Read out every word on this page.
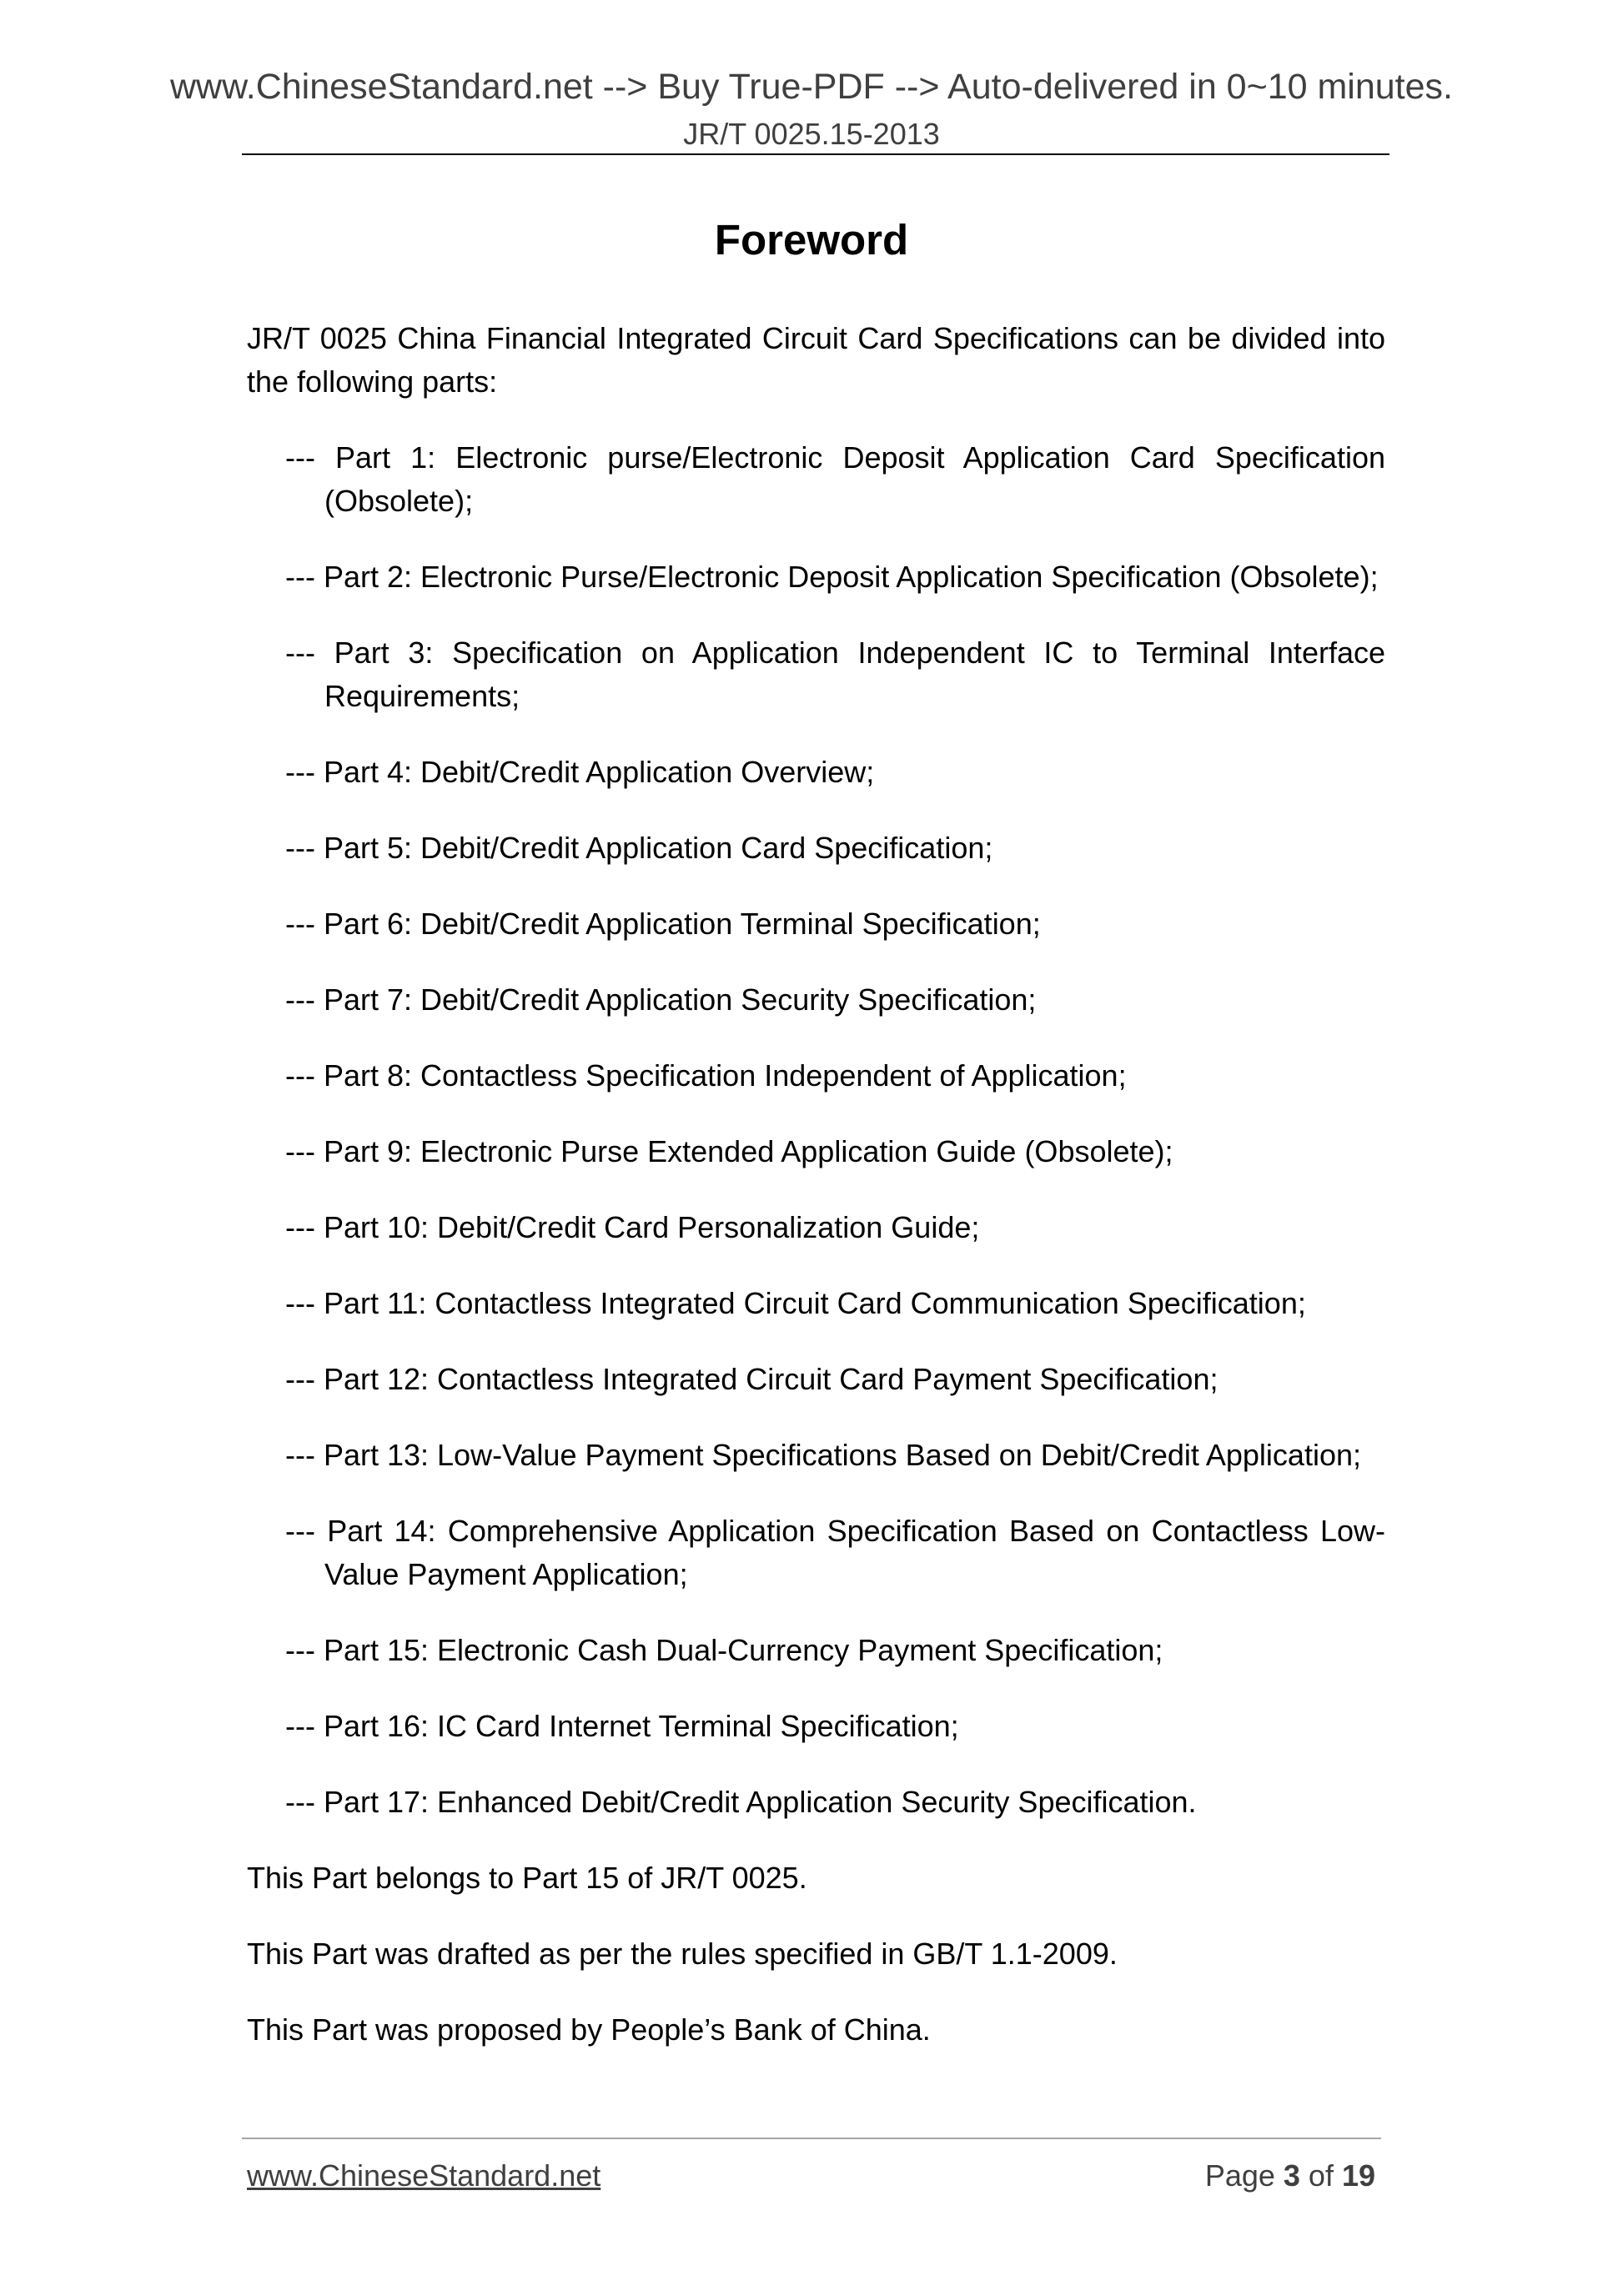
www.ChineseStandard.net --> Buy True-PDF --> Auto-delivered in 0~10 minutes.
JR/T 0025.15-2013
Foreword
JR/T 0025 China Financial Integrated Circuit Card Specifications can be divided into the following parts:
--- Part 1: Electronic purse/Electronic Deposit Application Card Specification (Obsolete);
--- Part 2: Electronic Purse/Electronic Deposit Application Specification (Obsolete);
--- Part 3: Specification on Application Independent IC to Terminal Interface Requirements;
--- Part 4: Debit/Credit Application Overview;
--- Part 5: Debit/Credit Application Card Specification;
--- Part 6: Debit/Credit Application Terminal Specification;
--- Part 7: Debit/Credit Application Security Specification;
--- Part 8: Contactless Specification Independent of Application;
--- Part 9: Electronic Purse Extended Application Guide (Obsolete);
--- Part 10: Debit/Credit Card Personalization Guide;
--- Part 11: Contactless Integrated Circuit Card Communication Specification;
--- Part 12: Contactless Integrated Circuit Card Payment Specification;
--- Part 13: Low-Value Payment Specifications Based on Debit/Credit Application;
--- Part 14: Comprehensive Application Specification Based on Contactless Low-Value Payment Application;
--- Part 15: Electronic Cash Dual-Currency Payment Specification;
--- Part 16: IC Card Internet Terminal Specification;
--- Part 17: Enhanced Debit/Credit Application Security Specification.
This Part belongs to Part 15 of JR/T 0025.
This Part was drafted as per the rules specified in GB/T 1.1-2009.
This Part was proposed by People’s Bank of China.
www.ChineseStandard.net	Page 3 of 19
